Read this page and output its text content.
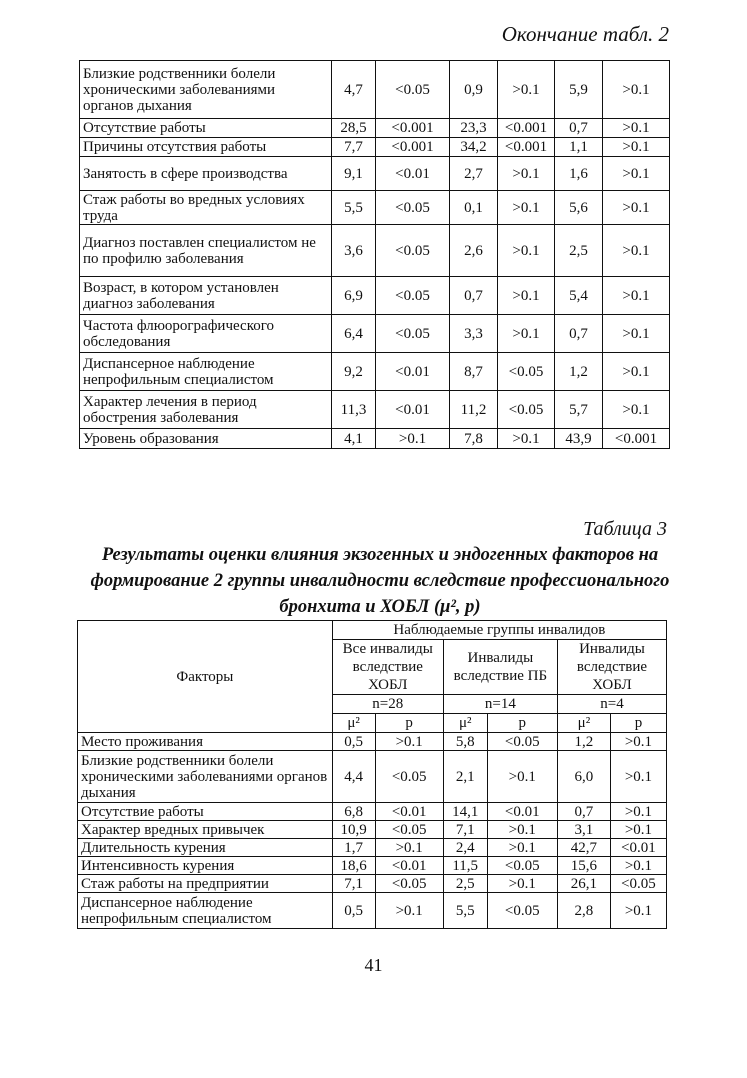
Окончание табл. 2
Близкие родственники болели хроническими заболеваниями органов дыхания	4,7	<0.05	0,9	>0.1	5,9	>0.1
Отсутствие работы	28,5	<0.001	23,3	<0.001	0,7	>0.1
Причины отсутствия работы	7,7	<0.001	34,2	<0.001	1,1	>0.1
Занятость в сфере производства	9,1	<0.01	2,7	>0.1	1,6	>0.1
Стаж работы во вредных условиях труда	5,5	<0.05	0,1	>0.1	5,6	>0.1
Диагноз поставлен специалистом не по профилю заболевания	3,6	<0.05	2,6	>0.1	2,5	>0.1
Возраст, в котором установлен диагноз заболевания	6,9	<0.05	0,7	>0.1	5,4	>0.1
Частота флюорографического обследования	6,4	<0.05	3,3	>0.1	0,7	>0.1
Диспансерное наблюдение непрофильным специалистом	9,2	<0.01	8,7	<0.05	1,2	>0.1
Характер лечения в период обострения заболевания	11,3	<0.01	11,2	<0.05	5,7	>0.1
Уровень образования	4,1	>0.1	7,8	>0.1	43,9	<0.001
Таблица 3
Результаты оценки влияния экзогенных и эндогенных факторов на формирование 2 группы инвалидности вследствие профессионального бронхита и ХОБЛ (μ², p)
Факторы	Наблюдаемые группы инвалидов					
	Все инвалиды вследствие ХОБЛ		Инвалиды вследствие ПБ		Инвалиды вследствие ХОБЛ	
	n=28		n=14		n=4	
	μ²	p	μ²	p	μ²	p
Место проживания	0,5	>0.1	5,8	<0.05	1,2	>0.1
Близкие родственники болели хроническими заболеваниями органов дыхания	4,4	<0.05	2,1	>0.1	6,0	>0.1
Отсутствие работы	6,8	<0.01	14,1	<0.01	0,7	>0.1
Характер вредных привычек	10,9	<0.05	7,1	>0.1	3,1	>0.1
Длительность курения	1,7	>0.1	2,4	>0.1	42,7	<0.01
Интенсивность курения	18,6	<0.01	11,5	<0.05	15,6	>0.1
Стаж работы на предприятии	7,1	<0.05	2,5	>0.1	26,1	<0.05
Диспансерное наблюдение непрофильным специалистом	0,5	>0.1	5,5	<0.05	2,8	>0.1
41
